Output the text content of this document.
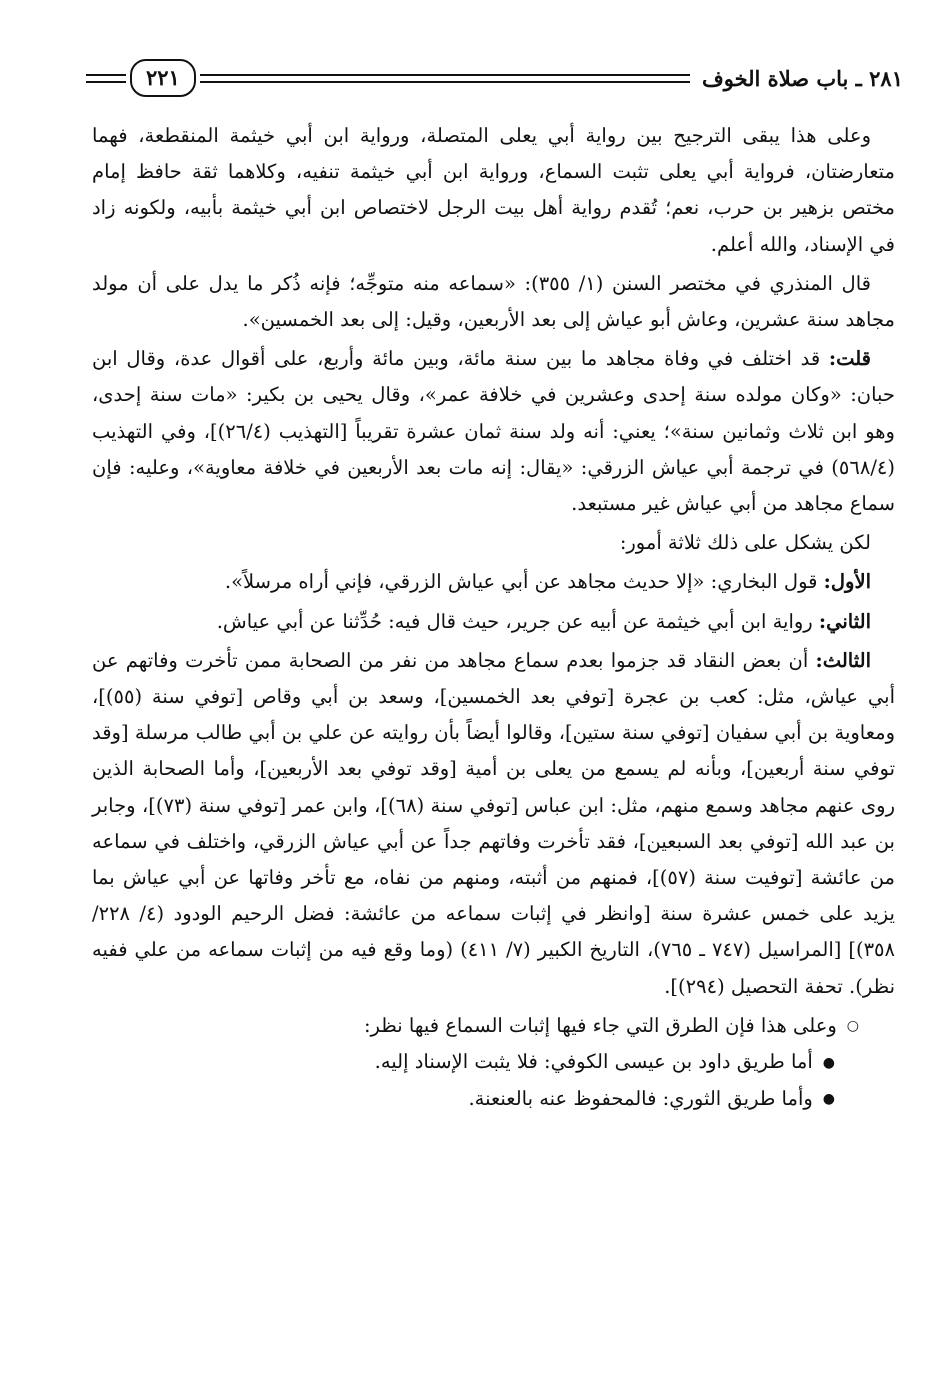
٢٨١ ـ باب صلاة الخوف
٢٢١

وعلى هذا يبقى الترجيح بين رواية أبي يعلى المتصلة، ورواية ابن أبي خيثمة المنقطعة، فهما متعارضتان، فرواية أبي يعلى تثبت السماع، ورواية ابن أبي خيثمة تنفيه، وكلاهما ثقة حافظ إمام مختص بزهير بن حرب، نعم؛ تُقدم رواية أهل بيت الرجل لاختصاص ابن أبي خيثمة بأبيه، ولكونه زاد في الإسناد، والله أعلم.

قال المنذري في مختصر السنن (١/ ٣٥٥): «سماعه منه متوجِّه؛ فإنه ذُكر ما يدل على أن مولد مجاهد سنة عشرين، وعاش أبو عياش إلى بعد الأربعين، وقيل: إلى بعد الخمسين».

قلت: قد اختلف في وفاة مجاهد ما بين سنة مائة، وبين مائة وأربع، على أقوال عدة، وقال ابن حبان: «وكان مولده سنة إحدى وعشرين في خلافة عمر»، وقال يحيى بن بكير: «مات سنة إحدى، وهو ابن ثلاث وثمانين سنة»؛ يعني: أنه ولد سنة ثمان عشرة تقريباً [التهذيب (٢٦/٤)]، وفي التهذيب (٥٦٨/٤) في ترجمة أبي عياش الزرقي: «يقال: إنه مات بعد الأربعين في خلافة معاوية»، وعليه: فإن سماع مجاهد من أبي عياش غير مستبعد.

لكن يشكل على ذلك ثلاثة أمور:

الأول: قول البخاري: «إلا حديث مجاهد عن أبي عياش الزرقي، فإني أراه مرسلاً».

الثاني: رواية ابن أبي خيثمة عن أبيه عن جرير، حيث قال فيه: حُدِّثنا عن أبي عياش.

الثالث: أن بعض النقاد قد جزموا بعدم سماع مجاهد من نفر من الصحابة ممن تأخرت وفاتهم عن أبي عياش، مثل: كعب بن عجرة [توفي بعد الخمسين]، وسعد بن أبي وقاص [توفي سنة (٥٥)]، ومعاوية بن أبي سفيان [توفي سنة ستين]، وقالوا أيضاً بأن روايته عن علي بن أبي طالب مرسلة [وقد توفي سنة أربعين]، وبأنه لم يسمع من يعلى بن أمية [وقد توفي بعد الأربعين]، وأما الصحابة الذين روى عنهم مجاهد وسمع منهم، مثل: ابن عباس [توفي سنة (٦٨)]، وابن عمر [توفي سنة (٧٣)]، وجابر بن عبد الله [توفي بعد السبعين]، فقد تأخرت وفاتهم جداً عن أبي عياش الزرقي، واختلف في سماعه من عائشة [توفيت سنة (٥٧)]، فمنهم من أثبته، ومنهم من نفاه، مع تأخر وفاتها عن أبي عياش بما يزيد على خمس عشرة سنة [وانظر في إثبات سماعه من عائشة: فضل الرحيم الودود (٤/ ٢٢٨/ ٣٥٨)] [المراسيل (٧٤٧ ـ ٧٦٥)، التاريخ الكبير (٧/ ٤١١) (وما وقع فيه من إثبات سماعه من علي ففيه نظر). تحفة التحصيل (٢٩٤)].

○وعلى هذا فإن الطرق التي جاء فيها إثبات السماع فيها نظر:

●أما طريق داود بن عيسى الكوفي: فلا يثبت الإسناد إليه.

●وأما طريق الثوري: فالمحفوظ عنه بالعنعنة.
